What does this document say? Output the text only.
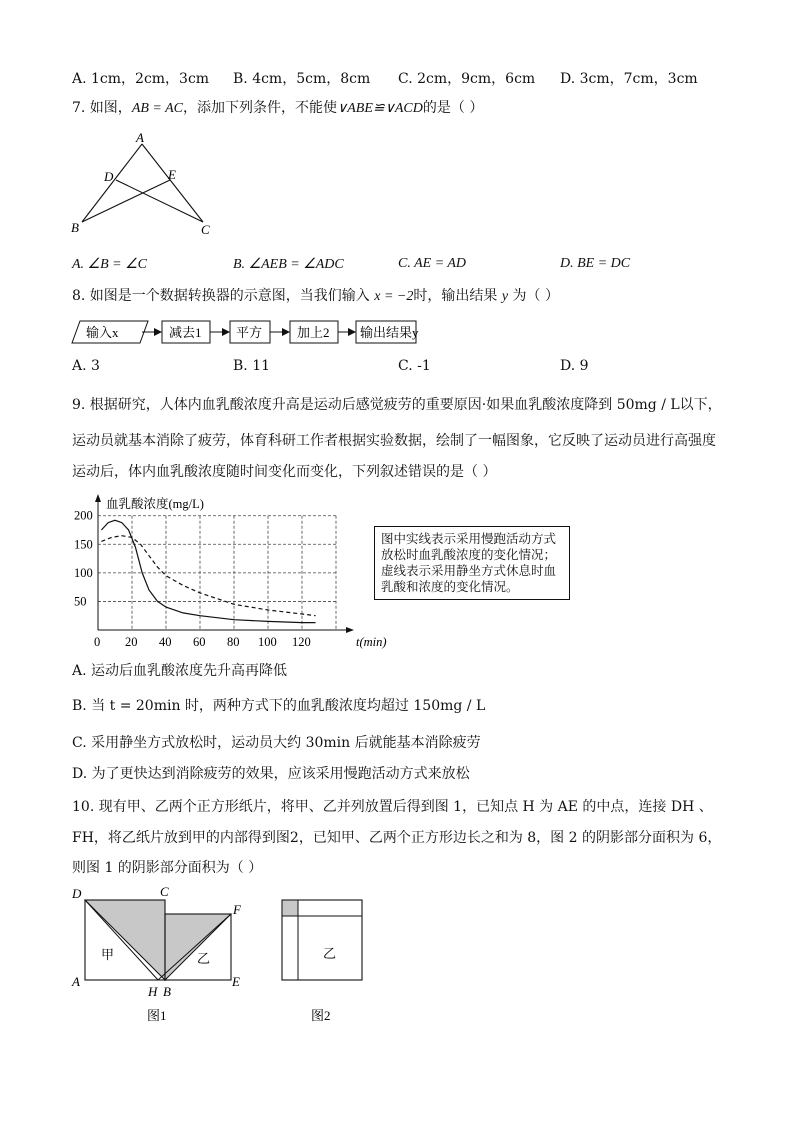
A. 1cm，2cm，3cm B. 4cm，5cm，8cm C. 2cm，9cm，6cm D. 3cm，7cm，3cm
7. 如图，AB = AC，添加下列条件，不能使∨ABE≌∨ACD的是（ ）
A
D	E
B	C
A. ∠B = ∠C	B. ∠AEB = ∠ADC	C. AE = AD	D. BE = DC
8. 如图是一个数据转换器的示意图，当我们输入 x = −2时，输出结果 y 为（ ）
输入x	减去1	平方	加上2 输出结果y
A. 3	B. 11	C. -1	D. 9
9. 根据研究，人体内血乳酸浓度升高是运动后感觉疲劳的重要原因·如果血乳酸浓度降到 50mg / L以下，
运动员就基本消除了疲劳，体育科研工作者根据实验数据，绘制了一幅图象，它反映了运动员进行高强度
运动后，体内血乳酸浓度随时间变化而变化，下列叙述错误的是（ ）
50
100
150
200
0 20 40 60 80 100 120
血乳酸浓度(mg/L)
t(min)
图中实线表示采用慢跑活动方式放松时血乳酸浓度的变化情况；虚线表示采用静坐方式休息时血乳酸和浓度的变化情况。
A. 运动后血乳酸浓度先升高再降低
B. 当 t = 20min 时，两种方式下的血乳酸浓度均超过 150mg / L
C. 采用静坐方式放松时，运动员大约 30min 后就能基本消除疲劳
D. 为了更快达到消除疲劳的效果，应该采用慢跑活动方式来放松
10. 现有甲、乙两个正方形纸片，将甲、乙并列放置后得到图 1，已知点 H 为 AE 的中点，连接 DH 、
FH，将乙纸片放到甲的内部得到图2，已知甲、乙两个正方形边长之和为 8，图 2 的阴影部分面积为 6，
则图 1 的阴影部分面积为（ ）
D	C
F
A
H B
E
甲	乙
图1
乙
图2
